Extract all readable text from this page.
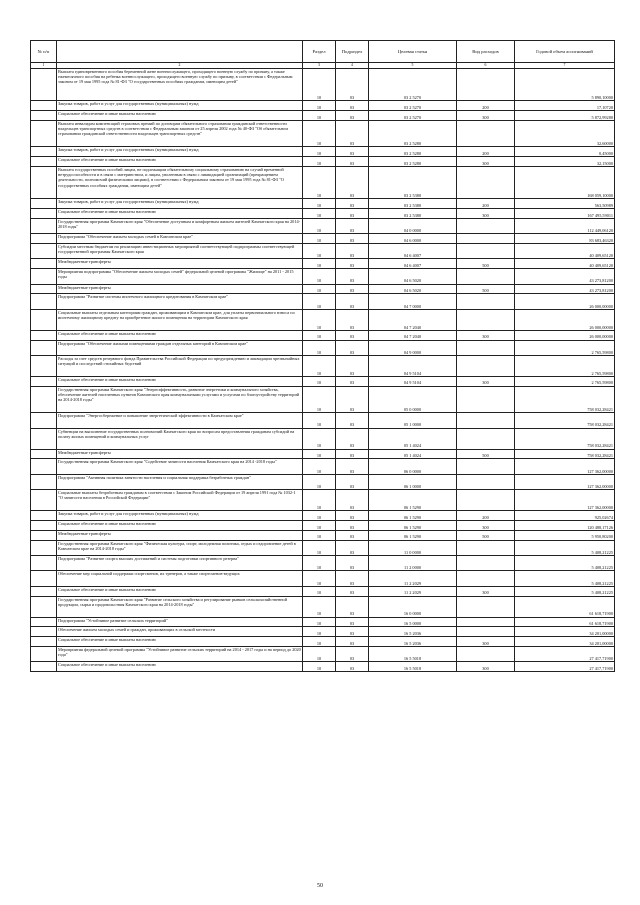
№ п/п		Раздел	Подраздел	Целевая статья	Вид расходов	Годовой объем ассигнований
1	2	3	4	5	6	7
	Выплата единовременного пособия беременной жене военнослужащего, проходящего военную службу по призыву, а также ежемесячного пособия на ребенка военнослужащего, проходящего военную службу по призыву, в соответствии с Федеральным законом от 19 мая 1995 года № 81-ФЗ "О государственных пособиях гражданам, имеющим детей"	10	03	03 2 5270		5 890,10000
	Закупка товаров, работ и услуг для государственных (муниципальных) нужд	10	03	03 2 5270	200	17,10720
	Социальное обеспечение и иные выплаты населению	10	03	03 2 5270	300	5 872,99280
	Выплата инвалидам компенсаций страховых премий по договорам обязательного страхования гражданской ответственности владельцев транспортных средств в соответствии с Федеральным законом от 25 апреля 2002 года № 40-ФЗ "Об обязательном страховании гражданской ответственности владельцев транспортных средств"	10	03	03 2 5280		32,60000
	Закупка товаров, работ и услуг для государственных (муниципальных) нужд	10	03	03 2 5280	200	0,45000
	Социальное обеспечение и иные выплаты населению	10	03	03 2 5280	300	32,15000
	Выплата государственных пособий лицам, не подлежащим обязательному социальному страхованию на случай временной нетрудоспособности и в связи с материнством, и лицам, уволенным в связи с ликвидацией организаций (прекращением деятельности, полномочий физическими лицами), в соответствии с Федеральным законом от 19 мая 1995 года № 81-ФЗ "О государственных пособиях гражданам, имеющим детей"	10	03	03 2 5380		168 059,10000
	Закупка товаров, работ и услуг для государственных (муниципальных) нужд	10	03	03 2 5380	200	563,50989
	Социальное обеспечение и иные выплаты населению	10	03	03 2 5380	300	167 495,59011
	Государственная программа Камчатского края "Обеспечение доступным и комфортным жильем жителей Камчатского края на 2014-2018 годы"	10	03	04 0 0000		112 449,06120
	Подпрограмма "Обеспечение жильем молодых семей в Камчатском крае"	10	03	04 6 0000		83 683,46320
	Субсидии местным бюджетам на реализацию инвестиционных мероприятий соответствующей подпрограммы соответствующей государственной программы Камчатского края	10	03	04 6 4007		40 409,65120
	Межбюджетные трансферты	10	03	04 6 4007	500	40 409,65120
	Мероприятия подпрограммы "Обеспечение жильем молодых семей" федеральной целевой программы "Жилище" на 2011 - 2015 годы	10	03	04 6 5020		43 273,81200
	Межбюджетные трансферты	10	03	04 6 5020	500	43 273,81200
	Подпрограмма "Развитие системы ипотечного жилищного кредитования в Камчатском крае"	10	03	04 7 0000		26 000,00000
	Социальные выплаты отдельным категориям граждан, проживающим в Камчатском крае, для уплаты первоначального взноса по ипотечному жилищному кредиту на приобретение жилого помещения на территории Камчатского края	10	03	04 7 2040		26 000,00000
	Социальное обеспечение и иные выплаты населению	10	03	04 7 2040	300	26 000,00000
	Подпрограмма "Обеспечение жилыми помещениями граждан отдельных категорий в Камчатском крае"	10	03	04 9 0000		2 765,59800
	Расходы за счет средств резервного фонда Правительства Российской Федерации по предупреждению и ликвидации чрезвычайных ситуаций и последствий стихийных бедствий	10	03	04 9 5104		2 765,59800
	Социальное обеспечение и иные выплаты населению	10	03	04 9 5104	300	2 765,59800
	Государственная программа Камчатского края "Энергоэффективность, развитие энергетики и коммунального хозяйства, обеспечение жителей населенных пунктов Камчатского края коммунальными услугами и услугами по благоустройству территорий на 2014-2018 годы"	10	03	05 0 0000		758 032,28421
	Подпрограмма "Энергосбережение и повышение энергетической эффективности в Камчатском крае"	10	03	05 1 0000		758 032,28421
	Субвенции на выполнение государственных полномочий Камчатского края по вопросам предоставления гражданам субсидий на оплату жилых помещений и коммунальных услуг	10	03	05 1 4024		758 032,28421
	Межбюджетные трансферты	10	03	05 1 4024	500	758 032,28421
	Государственная программа Камчатского края "Содействие занятости населения Камчатского края на 2014 -2018 годы"	10	03	06 0 0000		127 362,00000
	Подпрограмма "Активная политика занятости населения и социальная поддержка безработных граждан"	10	03	06 1 0000		127 362,00000
	Социальные выплаты безработным гражданам в соответствии с Законом Российской Федерации от 19 апреля 1991 года № 1032-1 "О занятости населения в Российской Федерации"	10	03	06 1 5290		127 362,00000
	Закупка товаров, работ и услуг для государственных (муниципальных) нужд	10	03	06 1 5290	200	925,02674
	Социальное обеспечение и иные выплаты населению	10	03	06 1 5290	300	120 488,17126
	Межбюджетные трансферты	10	03	06 1 5290	500	5 950,80200
	Государственная программа Камчатского края "Физическая культура, спорт, молодежная политика, отдых и оздоровление детей в Камчатском крае на 2014-2018 годы"	10	03	11 0 0000		5 408,21225
	Подпрограмма "Развитие спорта высших достижений и системы подготовки спортивного резерва"	10	03	11 2 0000		5 408,21225
	Обеспечение мер социальной поддержки спортсменов, их тренеров, а также спортсменов-ведущих	10	03	11 2 2029		5 408,21225
	Социальное обеспечение и иные выплаты населению	10	03	11 2 2029	300	5 408,21225
	Государственная программа Камчатского края "Развитие сельского хозяйства и регулирование рынков сельскохозяйственной продукции, сырья и продовольствия Камчатского края на 2014-2018 годы"	10	03	16 0 0000		61 618,71900
	Подпрограмма "Устойчивое развитие сельских территорий"	10	03	16 5 0000		61 618,71900
	Обеспечение жильем молодых семей и граждан, проживающих в сельской местности	10	03	16 5 2036		34 201,00000
	Социальное обеспечение и иные выплаты населению	10	03	16 5 2036	300	34 201,00000
	Мероприятия федеральной целевой программы "Устойчивое развитие сельских территорий на 2014 - 2017 годы и на период до 2020 года"	10	03	16 5 5018		27 417,71900
	Социальное обеспечение и иные выплаты населению	10	03	16 5 5018	300	27 417,71900
50
